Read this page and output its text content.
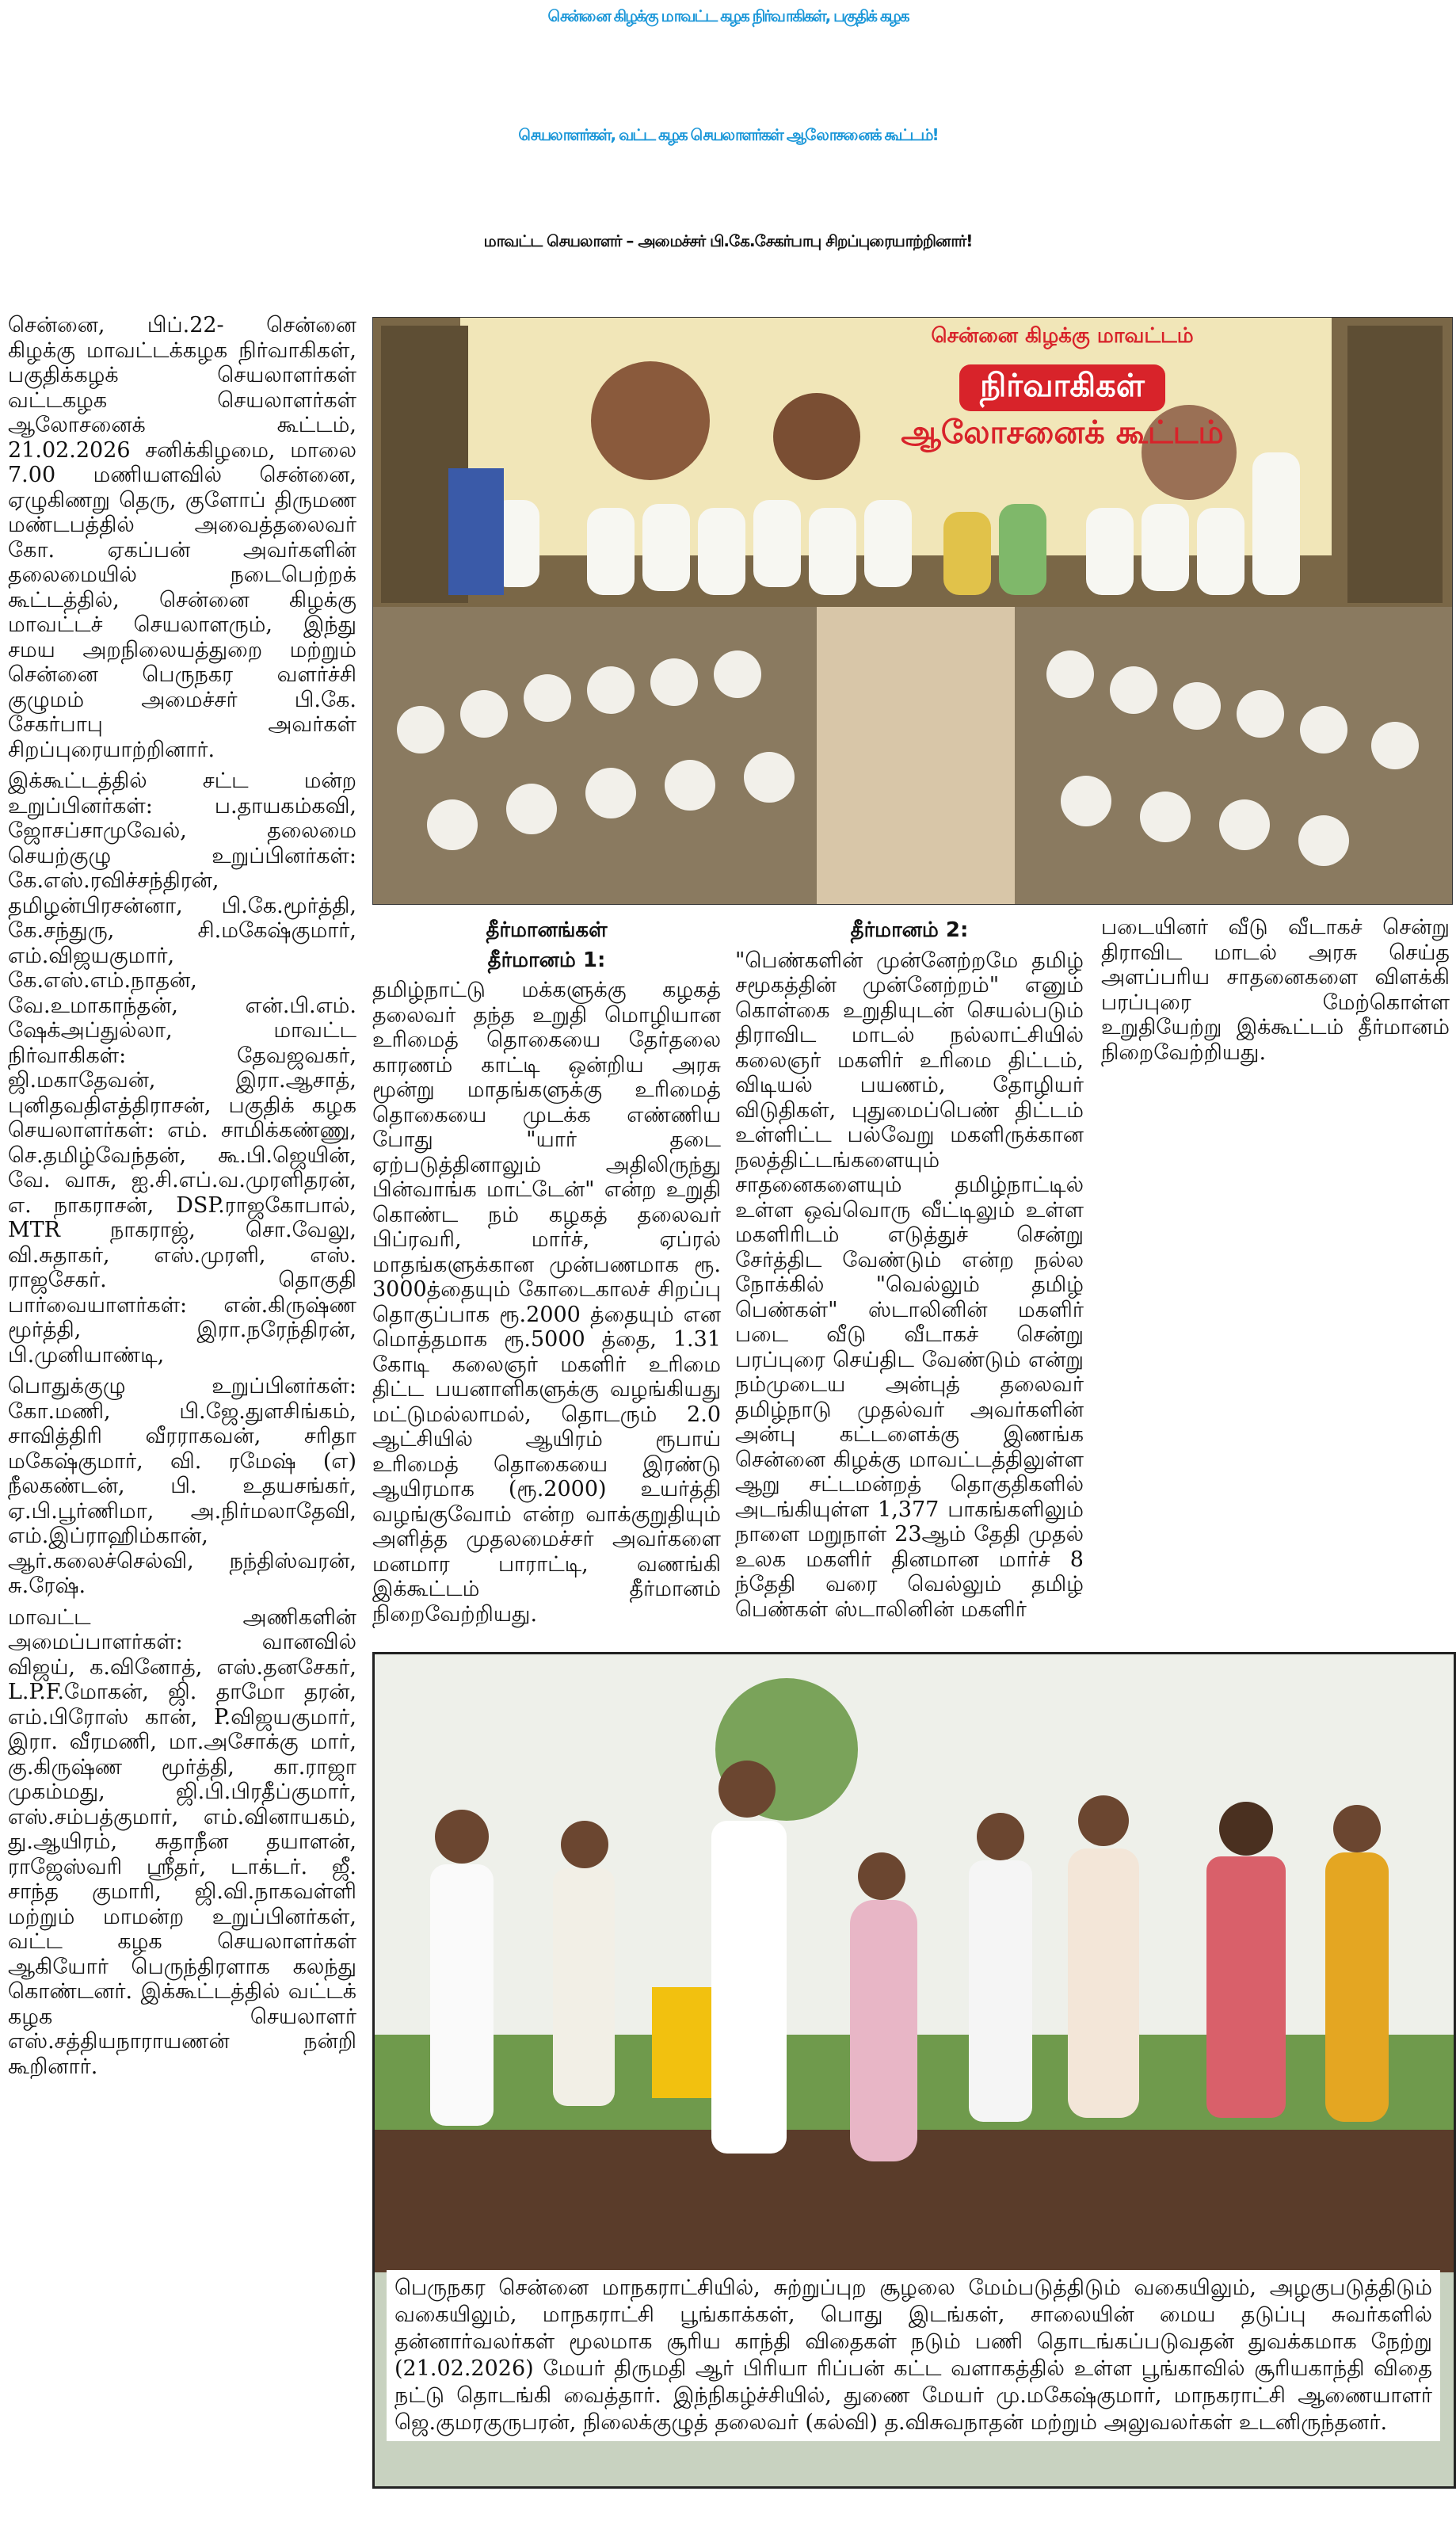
சென்னை கிழக்கு மாவட்ட கழக நிர்வாகிகள், பகுதிக் கழக
செயலாளர்கள், வட்ட கழக செயலாளர்கள் ஆலோசனைக் கூட்டம்!
மாவட்ட செயலாளர் – அமைச்சர் பி.கே.சேகர்பாபு சிறப்புரையாற்றினார்!

சென்னை, பிப்.22- சென்னை கிழக்கு மாவட்டக்கழக நிர்வாகிகள், பகுதிக்கழக் செயலாளர்கள் வட்டகழக செயலாளர்கள் ஆலோசனைக் கூட்டம், 21.02.2026 சனிக்கிழமை, மாலை 7.00 மணியளவில் சென்னை, ஏழுகிணறு தெரு, குளோப் திருமண மண்டபத்தில் அவைத்தலைவர் கோ. ஏகப்பன் அவர்களின் தலைமையில் நடைபெற்றக் கூட்டத்தில், சென்னை கிழக்கு மாவட்டச் செயலாளரும், இந்து சமய அறநிலையத்துறை மற்றும் சென்னை பெருநகர வளர்ச்சி குழுமம் அமைச்சர் பி.கே. சேகர்பாபு அவர்கள் சிறப்புரையாற்றினார்.

இக்கூட்டத்தில் சட்ட மன்ற உறுப்பினர்கள்: ப.தாயகம்கவி, ஜோசப்சாமுவேல், தலைமை செயற்குழு உறுப்பினர்கள்: கே.எஸ்.ரவிச்சந்திரன், தமிழன்பிரசன்னா, பி.கே.மூர்த்தி, கே.சந்துரு, சி.மகேஷ்குமார், எம்.விஜயகுமார், கே.எஸ்.எம்.நாதன், வே.உமாகாந்தன், என்.பி.எம். ஷேக்அப்துல்லா, மாவட்ட நிர்வாகிகள்: தேவஜவகர், ஜி.மகாதேவன், இரா.ஆசாத், புனிதவதிஎத்திராசன், பகுதிக் கழக செயலாளர்கள்: எம். சாமிக்கண்ணு, செ.தமிழ்வேந்தன், கூ.பி.ஜெயின், வே. வாசு, ஐ.சி.எப்.வ.முரளிதரன், எ. நாகராசன், DSP.ராஜகோபால், MTR நாகராஜ், சொ.வேலு, வி.சுதாகர், எஸ்.முரளி, எஸ். ராஜசேகர். தொகுதி பார்வையாளர்கள்: என்.கிருஷ்ண மூர்த்தி, இரா.நரேந்திரன், பி.முனியாண்டி,

பொதுக்குழு உறுப்பினர்கள்: கோ.மணி, பி.ஜே.துளசிங்கம், சாவித்திரி வீரராகவன், சரிதா மகேஷ்குமார், வி. ரமேஷ் (எ) நீலகண்டன், பி. உதயசங்கர், ஏ.பி.பூர்ணிமா, அ.நிர்மலாதேவி, எம்.இப்ராஹிம்கான், ஆர்.கலைச்செல்வி, நந்திஸ்வரன், சு.ரேஷ்.

மாவட்ட அணிகளின் அமைப்பாளர்கள்: வானவில் விஜய், க.வினோத், எஸ்.தனசேகர், L.P.F.மோகன், ஜி. தாமோ தரன், எம்.பிரோஸ் கான், P.விஜயகுமார், இரா. வீரமணி, மா.அசோக்கு மார், கு.கிருஷ்ண மூர்த்தி, கா.ராஜா முகம்மது, ஜி.பி.பிரதீப்குமார், எஸ்.சம்பத்குமார், எம்.வினாயகம், து.ஆயிரம், சுதாநீன தயாளன், ராஜேஸ்வரி ஸ்ரீதர், டாக்டர். ஜீ. சாந்த குமாரி, ஜி.வி.நாகவள்ளி மற்றும் மாமன்ற உறுப்பினர்கள், வட்ட கழக செயலாளர்கள் ஆகியோர் பெருந்திரளாக கலந்து கொண்டனர். இக்கூட்டத்தில் வட்டக் கழக செயலாளர் எஸ்.சத்தியநாராயணன் நன்றி கூறினார்.

சென்னை கிழக்கு மாவட்டம்
நிர்வாகிகள்
ஆலோசனைக் கூட்டம்
தீர்மானங்கள்
தீர்மானம் 1:

தமிழ்நாட்டு மக்களுக்கு கழகத் தலைவர் தந்த உறுதி மொழியான உரிமைத் தொகையை தேர்தலை காரணம் காட்டி ஒன்றிய அரசு மூன்று மாதங்களுக்கு உரிமைத் தொகையை முடக்க எண்ணிய போது "யார் தடை ஏற்படுத்தினாலும் அதிலிருந்து பின்வாங்க மாட்டேன்" என்ற உறுதி கொண்ட நம் கழகத் தலைவர் பிப்ரவரி, மார்ச், ஏப்ரல் மாதங்களுக்கான முன்பணமாக ரூ. 3000த்தையும் கோடைகாலச் சிறப்பு தொகுப்பாக ரூ.2000 த்தையும் என மொத்தமாக ரூ.5000 த்தை, 1.31 கோடி கலைஞர் மகளிர் உரிமை திட்ட பயனாளிகளுக்கு வழங்கியது மட்டுமல்லாமல், தொடரும் 2.0 ஆட்சியில் ஆயிரம் ரூபாய் உரிமைத் தொகையை இரண்டு ஆயிரமாக (ரூ.2000) உயர்த்தி வழங்குவோம் என்ற வாக்குறுதியும் அளித்த முதலமைச்சர் அவர்களை மனமார பாராட்டி, வணங்கி இக்கூட்டம் தீர்மானம் நிறைவேற்றியது.

தீர்மானம் 2:

"பெண்களின் முன்னேற்றமே தமிழ் சமூகத்தின் முன்னேற்றம்" எனும் கொள்கை உறுதியுடன் செயல்படும் திராவிட மாடல் நல்லாட்சியில் கலைஞர் மகளிர் உரிமை திட்டம், விடியல் பயணம், தோழியர் விடுதிகள், புதுமைப்பெண் திட்டம் உள்ளிட்ட பல்வேறு மகளிருக்கான நலத்திட்டங்களையும் சாதனைகளையும் தமிழ்நாட்டில் உள்ள ஒவ்வொரு வீட்டிலும் உள்ள மகளிரிடம் எடுத்துச் சென்று சேர்த்திட வேண்டும் என்ற நல்ல நோக்கில் "வெல்லும் தமிழ் பெண்கள்" ஸ்டாலினின் மகளிர் படை வீடு வீடாகச் சென்று பரப்புரை செய்திட வேண்டும் என்று நம்முடைய அன்புத் தலைவர் தமிழ்நாடு முதல்வர் அவர்களின் அன்பு கட்டளைக்கு இணங்க சென்னை கிழக்கு மாவட்டத்திலுள்ள ஆறு சட்டமன்றத் தொகுதிகளில் அடங்கியுள்ள 1,377 பாகங்களிலும் நாளை மறுநாள் 23ஆம் தேதி முதல் உலக மகளிர் தினமான மார்ச் 8 ந்தேதி வரை வெல்லும் தமிழ் பெண்கள் ஸ்டாலினின் மகளிர்

படையினர் வீடு வீடாகச் சென்று திராவிட மாடல் அரசு செய்த அளப்பரிய சாதனைகளை விளக்கி பரப்புரை மேற்கொள்ள உறுதியேற்று இக்கூட்டம் தீர்மானம் நிறைவேற்றியது.

பெருநகர சென்னை மாநகராட்சியில், சுற்றுப்புற சூழலை மேம்படுத்திடும் வகையிலும், அழகுபடுத்திடும் வகையிலும், மாநகராட்சி பூங்காக்கள், பொது இடங்கள், சாலையின் மைய தடுப்பு சுவர்களில் தன்னார்வலர்கள் மூலமாக சூரிய காந்தி விதைகள் நடும் பணி தொடங்கப்படுவதன் துவக்கமாக நேற்று (21.02.2026) மேயர் திருமதி ஆர் பிரியா ரிப்பன் கட்ட வளாகத்தில் உள்ள பூங்காவில் சூரியகாந்தி விதை நட்டு தொடங்கி வைத்தார். இந்நிகழ்ச்சியில், துணை மேயர் மு.மகேஷ்குமார், மாநகராட்சி ஆணையாளர் ஜெ.குமரகுருபரன், நிலைக்குழுத் தலைவர் (கல்வி) த.விசுவநாதன் மற்றும் அலுவலர்கள் உடனிருந்தனர்.
